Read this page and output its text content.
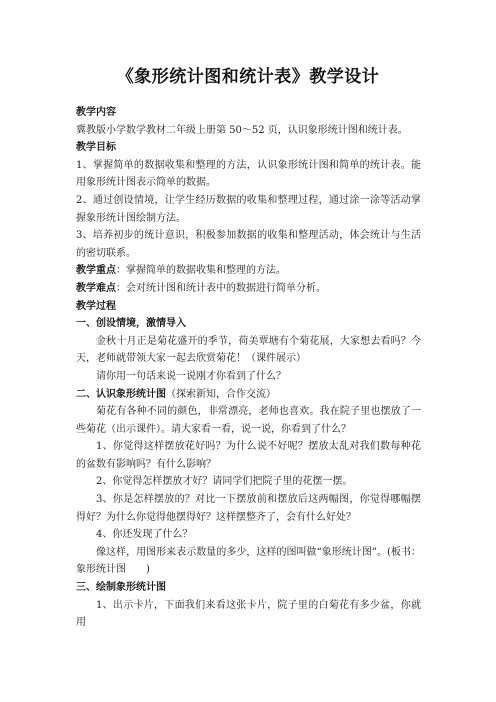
《象形统计图和统计表》教学设计

教学内容

冀教版小学数学教材二年级上册第 50～52 页，认识象形统计图和统计表。

教学目标

1、掌握简单的数据收集和整理的方法，认识象形统计图和简单的统计表。能用象形统计图表示简单的数据。

2、通过创设情境，让学生经历数据的收集和整理过程，通过涂一涂等活动掌握象形统计图绘制方法。

3、培养初步的统计意识，积极参加数据的收集和整理活动，体会统计与生活的密切联系。

教学重点：掌握简单的数据收集和整理的方法。

教学难点：会对统计图和统计表中的数据进行简单分析。

教学过程

一、创设情境，激情导入

金秋十月正是菊花盛开的季节，荷美覃塘有个菊花展，大家想去看吗？今天，老师就带领大家一起去欣赏菊花！（课件展示）

请你用一句话来说一说刚才你看到了什么？

二、认识象形统计图（探索新知，合作交流）

菊花有各种不同的颜色，非常漂亮，老师也喜欢。我在院子里也摆放了一些菊花（出示课件）。请大家看一看，说一说，你看到了什么？

1、你觉得这样摆放花好吗？为什么说不好呢？摆放太乱对我们数每种花的盆数有影响吗？有什么影响？

2、你觉得怎样摆放才好？请同学们把院子里的花摆一摆。

3、你是怎样摆放的？对比一下摆放前和摆放后这两幅图，你觉得哪幅摆得好？为什么你觉得他摆得好？这样摆整齐了，会有什么好处？

4、你还发现了什么？

像这样，用图形来表示数量的多少，这样的图叫做“象形统计图”。(板书：象形统计图　　)

三、绘制象形统计图

1、出示卡片，下面我们来看这张卡片，院子里的白菊花有多少盆，你就用
